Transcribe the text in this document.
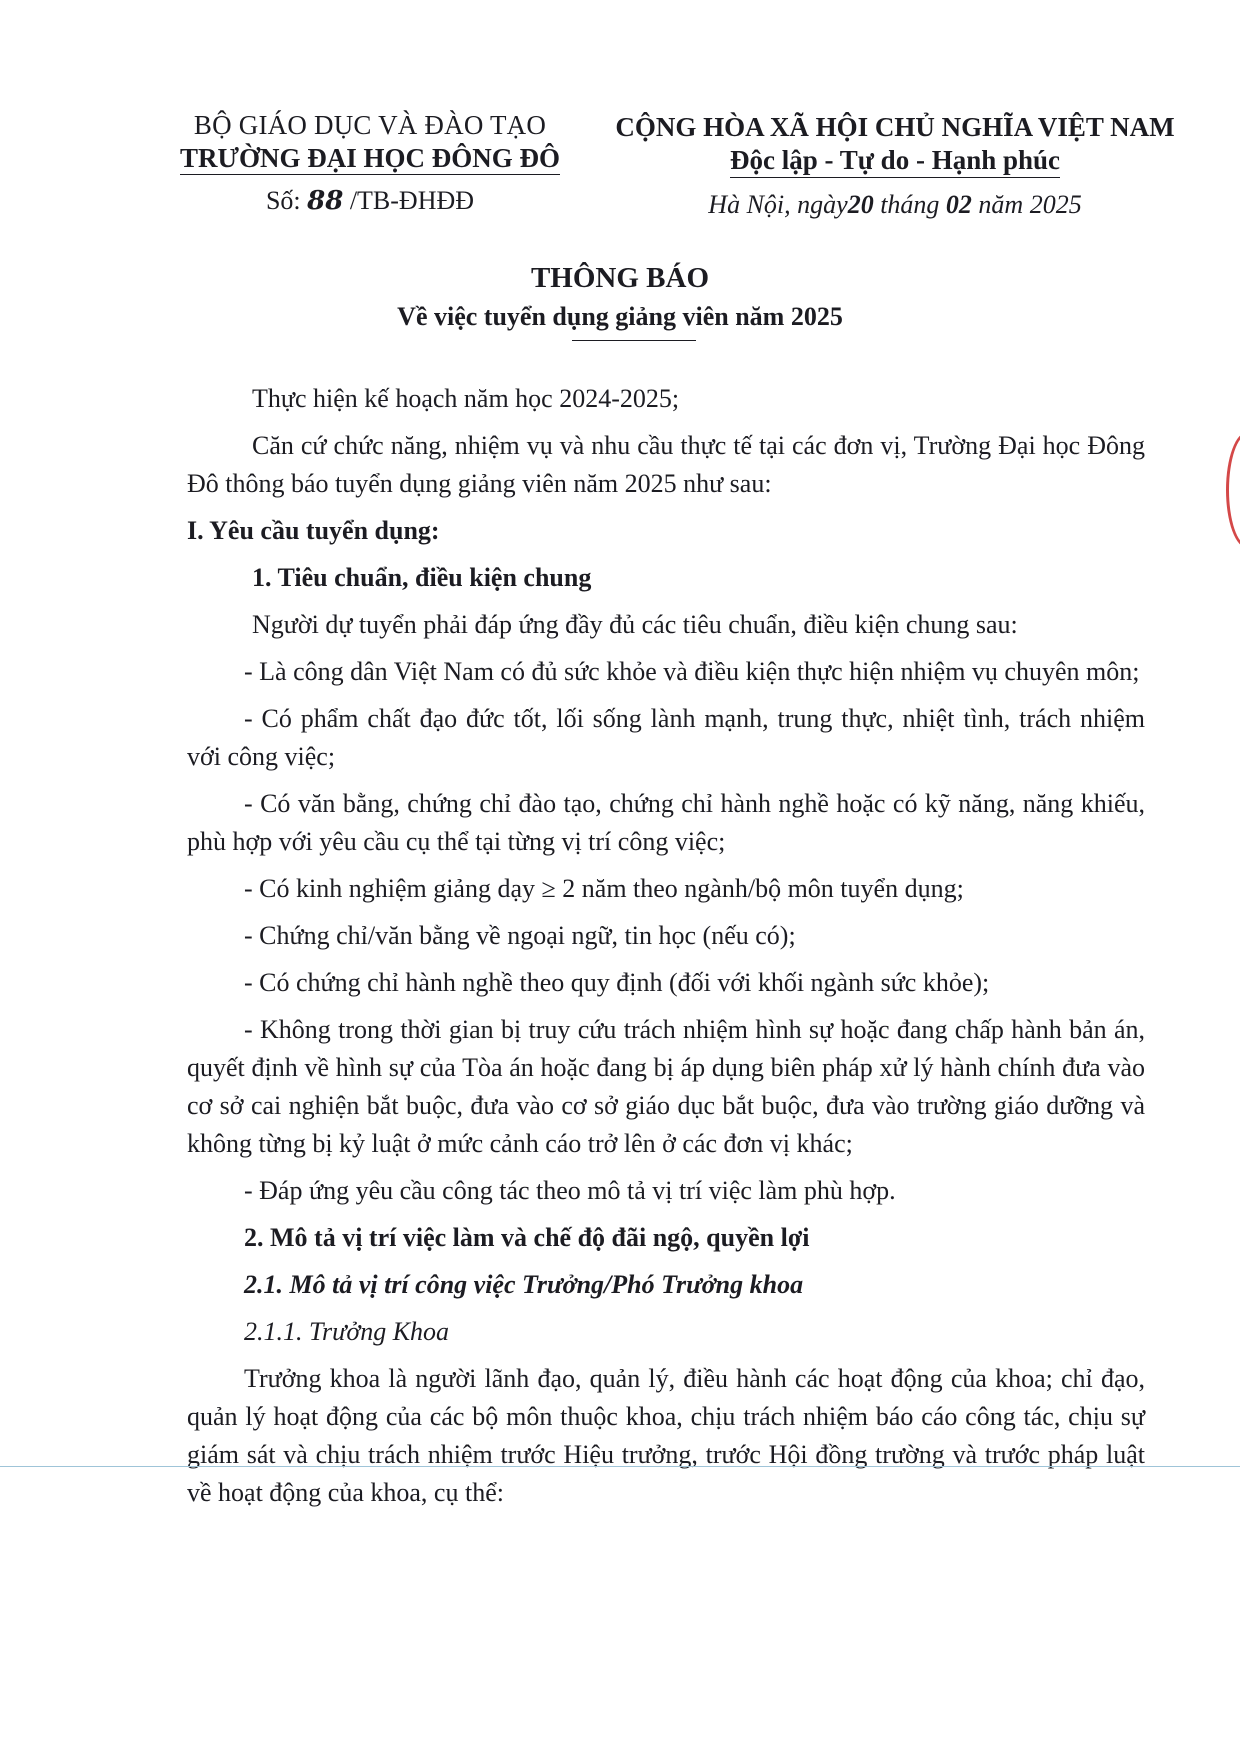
BỘ GIÁO DỤC VÀ ĐÀO TẠO
TRƯỜNG ĐẠI HỌC ĐÔNG ĐÔ
Số: 88 /TB-ĐHĐĐ
CỘNG HÒA XÃ HỘI CHỦ NGHĨA VIỆT NAM
Độc lập - Tự do - Hạnh phúc
Hà Nội, ngày20 tháng 02 năm 2025
THÔNG BÁO
Về việc tuyển dụng giảng viên năm 2025

Thực hiện kế hoạch năm học 2024-2025;

Căn cứ chức năng, nhiệm vụ và nhu cầu thực tế tại các đơn vị, Trường Đại học Đông Đô thông báo tuyển dụng giảng viên năm 2025 như sau:

I. Yêu cầu tuyển dụng:

1. Tiêu chuẩn, điều kiện chung

Người dự tuyển phải đáp ứng đầy đủ các tiêu chuẩn, điều kiện chung sau:

- Là công dân Việt Nam có đủ sức khỏe và điều kiện thực hiện nhiệm vụ chuyên môn;

- Có phẩm chất đạo đức tốt, lối sống lành mạnh, trung thực, nhiệt tình, trách nhiệm với công việc;

- Có văn bằng, chứng chỉ đào tạo, chứng chỉ hành nghề hoặc có kỹ năng, năng khiếu, phù hợp với yêu cầu cụ thể tại từng vị trí công việc;

- Có kinh nghiệm giảng dạy ≥ 2 năm theo ngành/bộ môn tuyển dụng;

- Chứng chỉ/văn bằng về ngoại ngữ, tin học (nếu có);

- Có chứng chỉ hành nghề theo quy định (đối với khối ngành sức khỏe);

- Không trong thời gian bị truy cứu trách nhiệm hình sự hoặc đang chấp hành bản án, quyết định về hình sự của Tòa án hoặc đang bị áp dụng biên pháp xử lý hành chính đưa vào cơ sở cai nghiện bắt buộc, đưa vào cơ sở giáo dục bắt buộc, đưa vào trường giáo dưỡng và không từng bị kỷ luật ở mức cảnh cáo trở lên ở các đơn vị khác;

- Đáp ứng yêu cầu công tác theo mô tả vị trí việc làm phù hợp.

2. Mô tả vị trí việc làm và chế độ đãi ngộ, quyền lợi

2.1. Mô tả vị trí công việc Trưởng/Phó Trưởng khoa

2.1.1. Trưởng Khoa

Trưởng khoa là người lãnh đạo, quản lý, điều hành các hoạt động của khoa; chỉ đạo, quản lý hoạt động của các bộ môn thuộc khoa, chịu trách nhiệm báo cáo công tác, chịu sự giám sát và chịu trách nhiệm trước Hiệu trưởng, trước Hội đồng trường và trước pháp luật về hoạt động của khoa, cụ thể:
